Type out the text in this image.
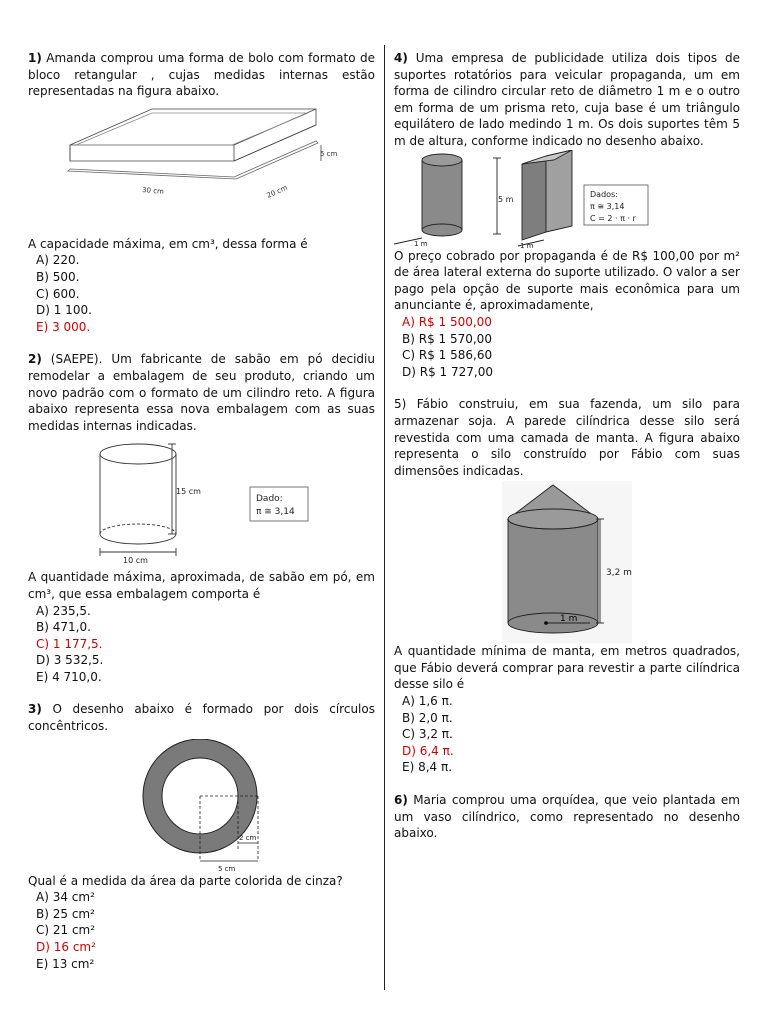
1) Amanda comprou uma forma de bolo com formato de bloco retangular , cujas medidas internas estão representadas na figura abaixo.

5 cm
30 cm	20 cm

A capacidade máxima, em cm³, dessa forma é

A) 220.
B) 500.
C) 600.
D) 1 100.
E) 3 000.

2) (SAEPE). Um fabricante de sabão em pó decidiu remodelar a embalagem de seu produto, criando um novo padrão com o formato de um cilindro reto. A figura abaixo representa essa nova embalagem com as suas medidas internas indicadas.

15 cm
10 cm
Dado:
π ≅ 3,14

A quantidade máxima, aproximada, de sabão em pó, em cm³, que essa embalagem comporta é

A) 235,5.
B) 471,0.
C) 1 177,5.
D) 3 532,5.
E) 4 710,0.

3) O desenho abaixo é formado por dois círculos concêntricos.

2 cm
5 cm

Qual é a medida da área da parte colorida de cinza?

A) 34 cm²
B) 25 cm²
C) 21 cm²
D) 16 cm²
E) 13 cm²

4) Uma empresa de publicidade utiliza dois tipos de suportes rotatórios para veicular propaganda, um em forma de cilindro circular reto de diâmetro 1 m e o outro em forma de um prisma reto, cuja base é um triângulo equilátero de lado medindo 1 m. Os dois suportes têm 5 m de altura, conforme indicado no desenho abaixo.

5 m
1 m	1 m
Dados:
π ≅ 3,14
C = 2 · π · r

O preço cobrado por propaganda é de R$ 100,00 por m² de área lateral externa do suporte utilizado. O valor a ser pago pela opção de suporte mais econômica para um anunciante é, aproximadamente,

A) R$ 1 500,00
B) R$ 1 570,00
C) R$ 1 586,60
D) R$ 1 727,00

5) Fábio construiu, em sua fazenda, um silo para armazenar soja. A parede cilíndrica desse silo será revestida com uma camada de manta. A figura abaixo representa o silo construído por Fábio com suas dimensões indicadas.

3,2 m
1 m

A quantidade mínima de manta, em metros quadrados, que Fábio deverá comprar para revestir a parte cilíndrica desse silo é

A) 1,6 π.
B) 2,0 π.
C) 3,2 π.
D) 6,4 π.
E) 8,4 π.

6) Maria comprou uma orquídea, que veio plantada em um vaso cilíndrico, como representado no desenho abaixo.
